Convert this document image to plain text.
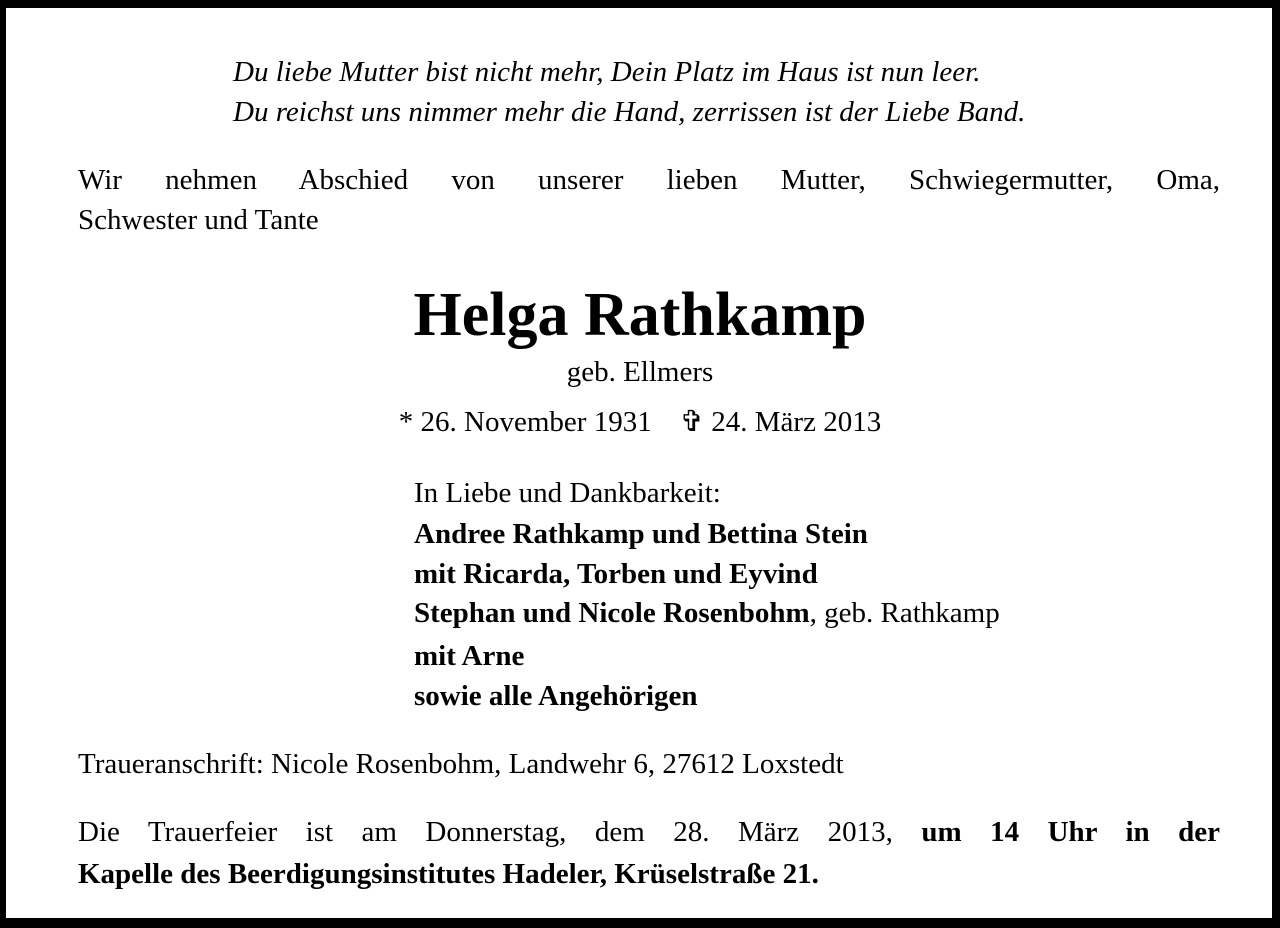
Du liebe Mutter bist nicht mehr, Dein Platz im Haus ist nun leer.

Du reichst uns nimmer mehr die Hand, zerrissen ist der Liebe Band.

Wir nehmen Abschied von unserer lieben Mutter, Schwiegermutter, Oma,

Schwester und Tante

Helga Rathkamp

geb. Ellmers

* 26. November 1931 ✞ 24. März 2013

In Liebe und Dankbarkeit:

Andree Rathkamp und Bettina Stein

mit Ricarda, Torben und Eyvind

Stephan und Nicole Rosenbohm, geb. Rathkamp

mit Arne

sowie alle Angehörigen

Traueranschrift: Nicole Rosenbohm, Landwehr 6, 27612 Loxstedt

Die Trauerfeier ist am Donnerstag, dem 28. März 2013, um 14 Uhr in der

Kapelle des Beerdigungsinstitutes Hadeler, Krüselstraße 21.
